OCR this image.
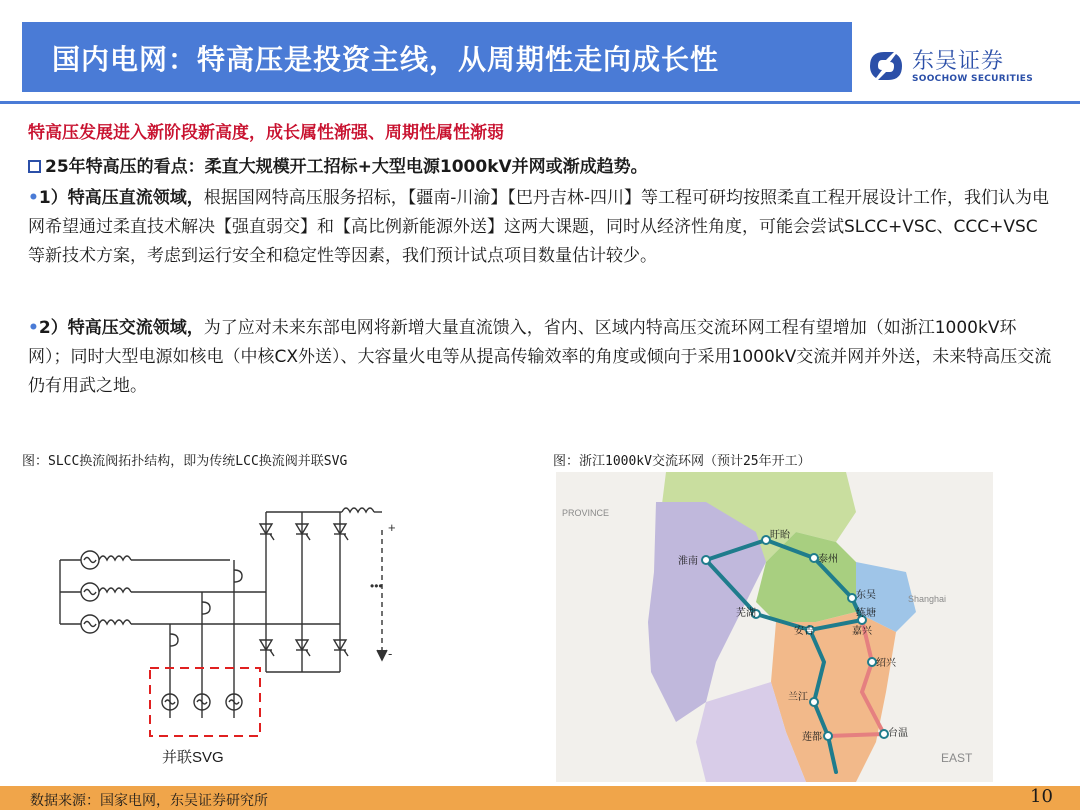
国内电网：特高压是投资主线，从周期性走向成长性	东吴证券
SOOCHOW SECURITIES
特高压发展进入新阶段新高度，成长属性渐强、周期性属性渐弱
25年特高压的看点：柔直大规模开工招标+大型电源1000kV并网或渐成趋势。
•1）特高压直流领域，根据国网特高压服务招标，【疆南-川渝】【巴丹吉林-四川】等工程可研均按照柔直工程开展设计工作，我们认为电网希望通过柔直技术解决【强直弱交】和【高比例新能源外送】这两大课题，同时从经济性角度，可能会尝试SLCC+VSC、CCC+VSC等新技术方案，考虑到运行安全和稳定性等因素，我们预计试点项目数量估计较少。
•2）特高压交流领域，为了应对未来东部电网将新增大量直流馈入，省内、区域内特高压交流环网工程有望增加（如浙江1000kV环网）；同时大型电源如核电（中核CX外送）、大容量火电等从提高传输效率的角度或倾向于采用1000kV交流并网并外送，未来特高压交流仍有用武之地。
图：SLCC换流阀拓扑结构，即为传统LCC换流阀并联SVG	图：浙江1000kV交流环网（预计25年开工）
+
-
•••
并联SVG
盱眙
淮南	泰州
东吴
芜湖	练塘
安吉	嘉兴
绍兴
兰江
莲都	台温
Shanghai
PROVINCE
EAST
数据来源：国家电网，东吴证券研究所	10
